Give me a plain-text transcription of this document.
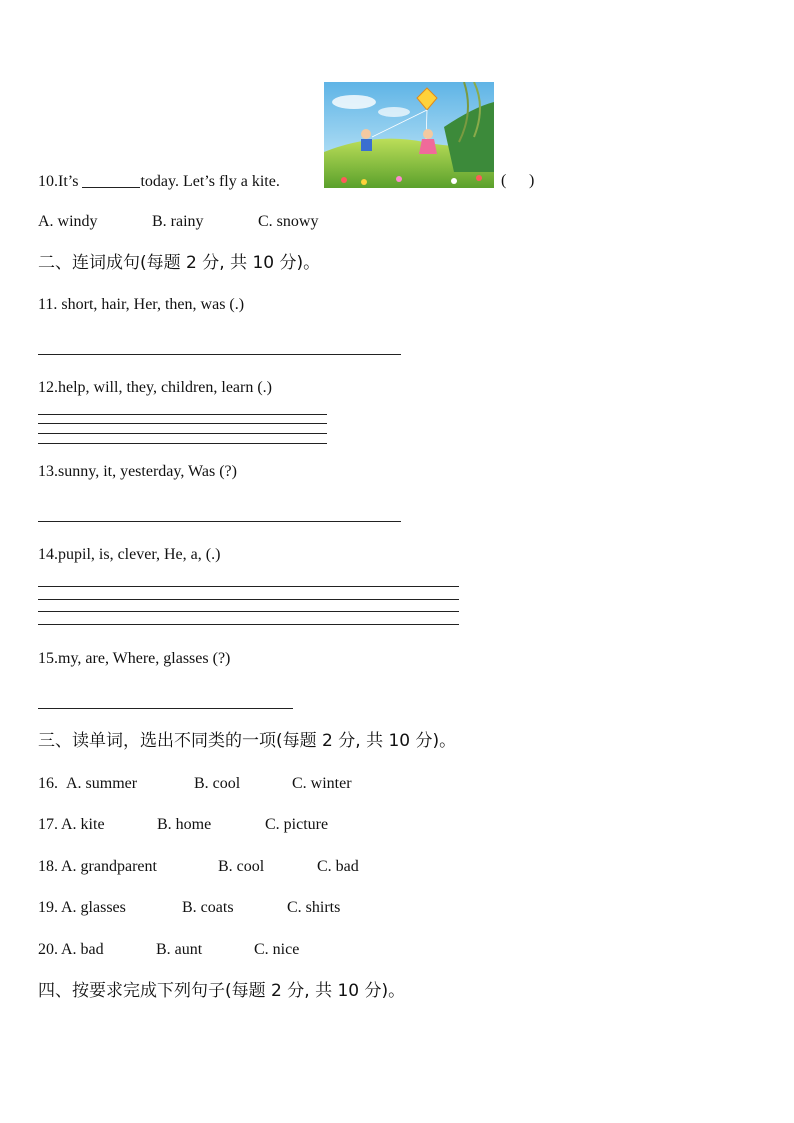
10.It’s	today. Let’s fly a kite.	( )
A. windy	B. rainy	C. snowy
二、连词成句(每题 2 分, 共 10 分)。
11. short, hair, Her, then, was (.)
12.help, will, they, children, learn (.)
13.sunny, it, yesterday, Was (?)
14.pupil, is, clever, He, a, (.)
15.my, are, Where, glasses (?)
三、读单词，选出不同类的一项(每题 2 分, 共 10 分)。
16. A. summer	B. cool	C. winter
17. A. kite	B. home	C. picture
18. A. grandparent	B. cool	C. bad
19. A. glasses	B. coats	C. shirts
20. A. bad	B. aunt	C. nice
四、按要求完成下列句子(每题 2 分, 共 10 分)。
